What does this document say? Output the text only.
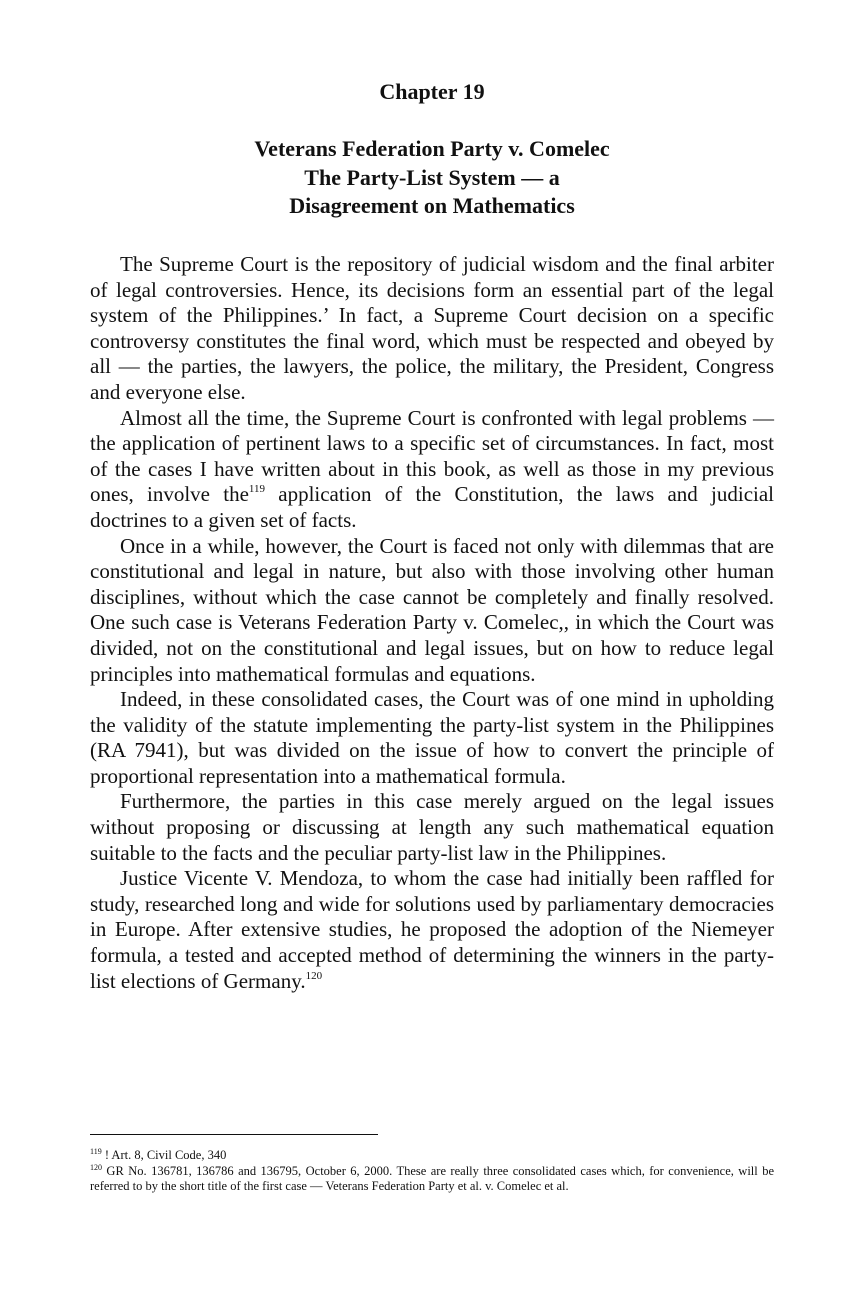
Chapter 19
Veterans Federation Party v. Comelec
The Party-List System — a
Disagreement on Mathematics

The Supreme Court is the repository of judicial wisdom and the final arbiter of legal controversies. Hence, its decisions form an essential part of the legal system of the Philippines.’ In fact, a Supreme Court decision on a specific controversy constitutes the final word, which must be respected and obeyed by all — the parties, the lawyers, the police, the military, the President, Congress and everyone else.

Almost all the time, the Supreme Court is confronted with legal problems — the application of pertinent laws to a specific set of circumstances. In fact, most of the cases I have written about in this book, as well as those in my previous ones, involve the$^{119}$ application of the Constitution, the laws and judicial doctrines to a given set of facts.

Once in a while, however, the Court is faced not only with dilemmas that are constitutional and legal in nature, but also with those involving other human disciplines, without which the case cannot be completely and finally resolved. One such case is Veterans Federation Party v. Comelec,, in which the Court was divided, not on the constitutional and legal issues, but on how to reduce legal principles into mathematical formulas and equations.

Indeed, in these consolidated cases, the Court was of one mind in upholding the validity of the statute implementing the party-list system in the Philippines (RA 7941), but was divided on the issue of how to convert the principle of proportional representation into a mathematical formula.

Furthermore, the parties in this case merely argued on the legal issues without proposing or discussing at length any such mathematical equation suitable to the facts and the peculiar party-list law in the Philippines.

Justice Vicente V. Mendoza, to whom the case had initially been raffled for study, researched long and wide for solutions used by parliamentary democracies in Europe. After extensive studies, he proposed the adoption of the Niemeyer formula, a tested and accepted method of determining the winners in the party-list elections of Germany.$^{120}$

$^{119}$ ! Art. 8, Civil Code, 340

$^{120}$ GR No. 136781, 136786 and 136795, October 6, 2000. These are really three consolidated cases which, for convenience, will be referred to by the short title of the first case — Veterans Federation Party et al. v. Comelec et al.
